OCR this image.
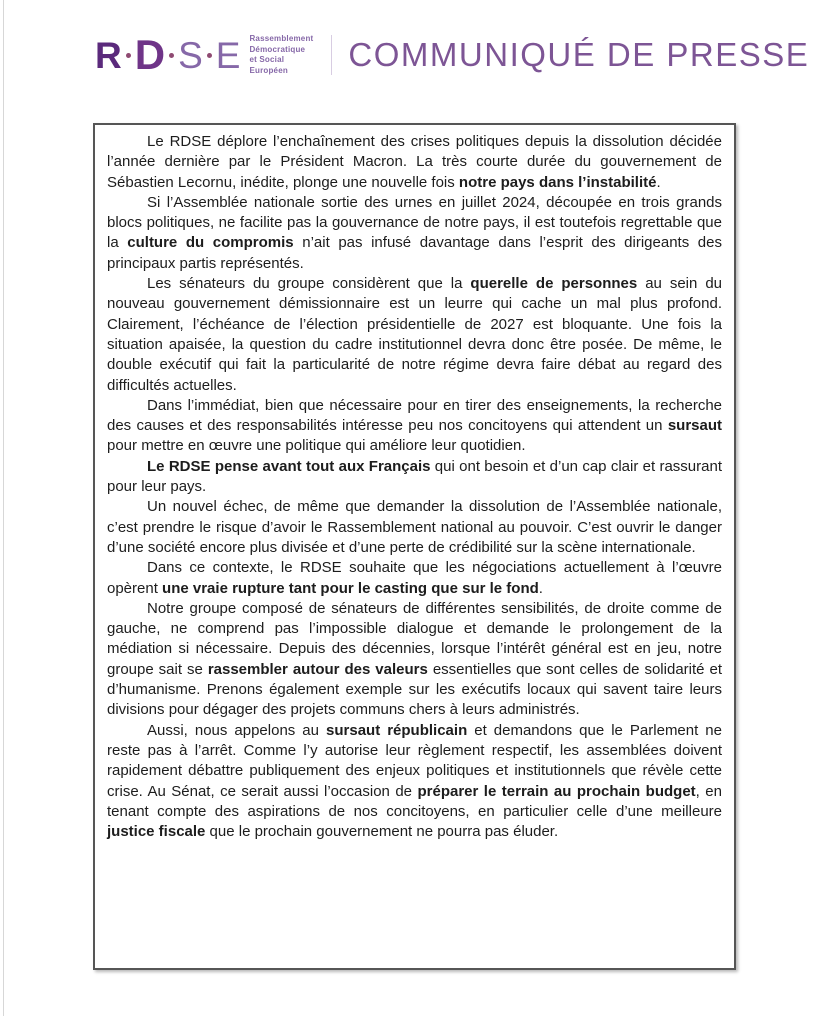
R D S E Rassemblement
Démocratique
et Social Européen	COMMUNIQUÉ DE PRESSE

Le RDSE déplore l’enchaînement des crises politiques depuis la dissolution décidée l’année dernière par le Président Macron. La très courte durée du gouvernement de Sébastien Lecornu, inédite, plonge une nouvelle fois notre pays dans l’instabilité.

Si l’Assemblée nationale sortie des urnes en juillet 2024, découpée en trois grands blocs politiques, ne facilite pas la gouvernance de notre pays, il est toutefois regrettable que la culture du compromis n’ait pas infusé davantage dans l’esprit des dirigeants des principaux partis représentés.

Les sénateurs du groupe considèrent que la querelle de personnes au sein du nouveau gouvernement démissionnaire est un leurre qui cache un mal plus profond. Clairement, l’échéance de l’élection présidentielle de 2027 est bloquante. Une fois la situation apaisée, la question du cadre institutionnel devra donc être posée. De même, le double exécutif qui fait la particularité de notre régime devra faire débat au regard des difficultés actuelles.

Dans l’immédiat, bien que nécessaire pour en tirer des enseignements, la recherche des causes et des responsabilités intéresse peu nos concitoyens qui attendent un sursaut pour mettre en œuvre une politique qui améliore leur quotidien.

Le RDSE pense avant tout aux Français qui ont besoin et d’un cap clair et rassurant pour leur pays.

Un nouvel échec, de même que demander la dissolution de l’Assemblée nationale, c’est prendre le risque d’avoir le Rassemblement national au pouvoir. C’est ouvrir le danger d’une société encore plus divisée et d’une perte de crédibilité sur la scène internationale.

Dans ce contexte, le RDSE souhaite que les négociations actuellement à l’œuvre opèrent une vraie rupture tant pour le casting que sur le fond.

Notre groupe composé de sénateurs de différentes sensibilités, de droite comme de gauche, ne comprend pas l’impossible dialogue et demande le prolongement de la médiation si nécessaire. Depuis des décennies, lorsque l’intérêt général est en jeu, notre groupe sait se rassembler autour des valeurs essentielles que sont celles de solidarité et d’humanisme. Prenons également exemple sur les exécutifs locaux qui savent taire leurs divisions pour dégager des projets communs chers à leurs administrés.

Aussi, nous appelons au sursaut républicain et demandons que le Parlement ne reste pas à l’arrêt. Comme l’y autorise leur règlement respectif, les assemblées doivent rapidement débattre publiquement des enjeux politiques et institutionnels que révèle cette crise. Au Sénat, ce serait aussi l’occasion de préparer le terrain au prochain budget, en tenant compte des aspirations de nos concitoyens, en particulier celle d’une meilleure justice fiscale que le prochain gouvernement ne pourra pas éluder.
